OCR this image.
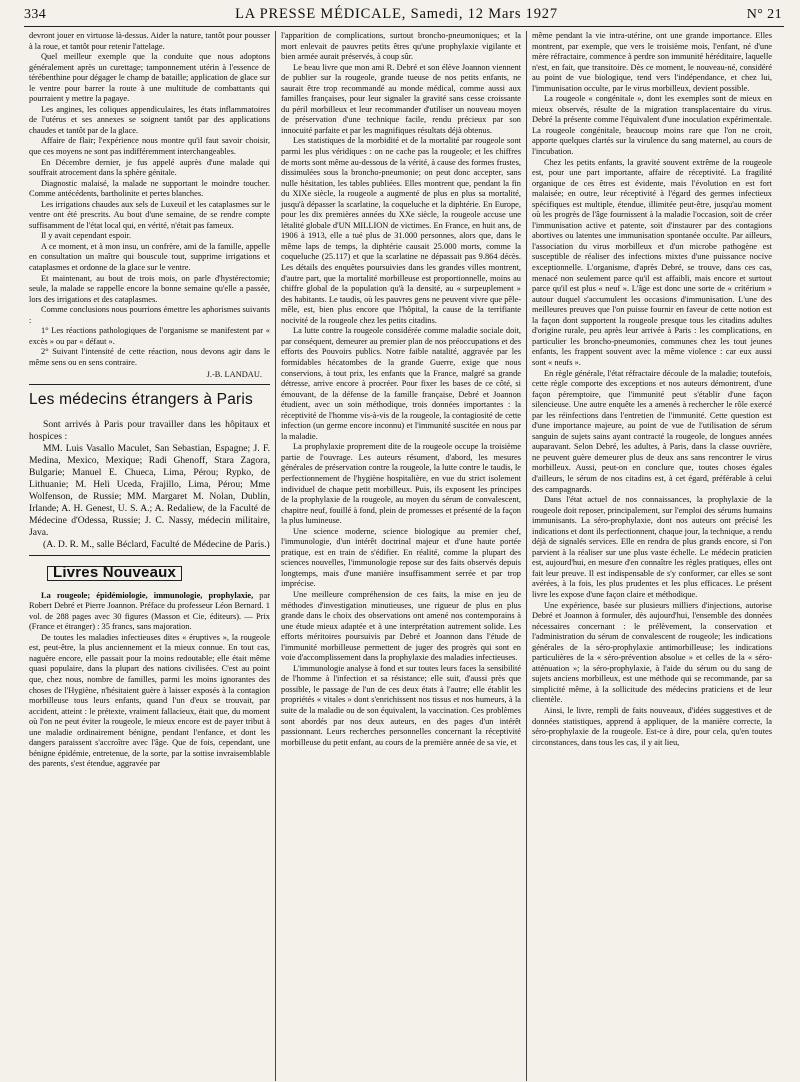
334	LA PRESSE MÉDICALE, Samedi, 12 Mars 1927	N° 21

devront jouer en virtuose là-dessus. Aider la nature, tantôt pour pousser à la roue, et tantôt pour retenir l'attelage.

Quel meilleur exemple que la conduite que nous adoptons généralement après un curettage; tamponnement utérin à l'essence de térébenthine pour dégager le champ de bataille; application de glace sur le ventre pour barrer la route à une multitude de combattants qui pourraient y mettre la pagaye.

Les angines, les coliques appendiculaires, les états inflammatoires de l'utérus et ses annexes se soignent tantôt par des applications chaudes et tantôt par de la glace.

Affaire de flair; l'expérience nous montre qu'il faut savoir choisir, que ces moyens ne sont pas indifféremment interchangeables.

En Décembre dernier, je fus appelé auprès d'une malade qui souffrait atrocement dans la sphère génitale.

Diagnostic malaisé, la malade ne supportant le moindre toucher. Comme antécédents, bartholinite et pertes blanches.

Les irrigations chaudes aux sels de Luxeuil et les cataplasmes sur le ventre ont été prescrits. Au bout d'une semaine, de se rendre compte suffisamment de l'état local qui, en vérité, n'était pas fameux.

Il y avait cependant espoir.

A ce moment, et à mon insu, un confrère, ami de la famille, appelle en consultation un maître qui bouscule tout, supprime irrigations et cataplasmes et ordonne de la glace sur le ventre.

Et maintenant, au bout de trois mois, on parle d'hystérectomie; seule, la malade se rappelle encore la bonne semaine qu'elle a passée, lors des irrigations et des cataplasmes.

Comme conclusions nous pourrions émettre les aphorismes suivants :

1° Les réactions pathologiques de l'organisme se manifestent par « excès » ou par « défaut ».

2° Suivant l'intensité de cette réaction, nous devons agir dans le même sens ou en sens contraire.

J.-B. LANDAU.
Les médecins étrangers à Paris

Sont arrivés à Paris pour travailler dans les hôpitaux et hospices :

MM. Luis Vasallo Maculet, San Sebastian, Espagne; J. F. Medina, Mexico, Mexique; Radi Ghenoff, Stara Zagora, Bulgarie; Manuel E. Chueca, Lima, Pérou; Rypko, de Lithuanie; M. Heli Uceda, Frajillo, Lima, Pérou; Mme Wolfenson, de Russie; MM. Margaret M. Nolan, Dublin, Irlande; A. H. Genest, U. S. A.; A. Redaliew, de la Faculté de Médecine d'Odessa, Russie; J. C. Nassy, médecin militaire, Java.

(A. D. R. M., salle Béclard, Faculté de Médecine de Paris.)

Livres Nouveaux

La rougeole; épidémiologie, immunologie, prophylaxie, par Robert Debré et Pierre Joannon. Préface du professeur Léon Bernard. 1 vol. de 288 pages avec 30 figures (Masson et Cie, éditeurs). — Prix (France et étranger) : 35 francs, sans majoration.

De toutes les maladies infectieuses dites « éruptives », la rougeole est, peut-être, la plus anciennement et la mieux connue. En tout cas, naguère encore, elle passait pour la moins redoutable; elle était même quasi populaire, dans la plupart des nations civilisées. C'est au point que, chez nous, nombre de familles, parmi les moins ignorantes des choses de l'Hygiène, n'hésitaient guère à laisser exposés à la contagion morbilleuse tous leurs enfants, quand l'un d'eux se trouvait, par accident, atteint : le prétexte, vraiment fallacieux, était que, du moment où l'on ne peut éviter la rougeole, le mieux encore est de payer tribut à une maladie ordinairement bénigne, pendant l'enfance, et dont les dangers paraissent s'accroître avec l'âge. Que de fois, cependant, une bénigne épidémie, entretenue, de la sorte, par la sottise invraisemblable des parents, s'est étendue, aggravée par

l'apparition de complications, surtout broncho-pneumoniques; et la mort enlevait de pauvres petits êtres qu'une prophylaxie vigilante et bien armée aurait préservés, à coup sûr.

Le beau livre que mon ami R. Debré et son élève Joannon viennent de publier sur la rougeole, grande tueuse de nos petits enfants, ne saurait être trop recommandé au monde médical, comme aussi aux familles françaises, pour leur signaler la gravité sans cesse croissante du péril morbilleux et leur recommander d'utiliser un nouveau moyen de préservation d'une technique facile, rendu précieux par son innocuité parfaite et par les magnifiques résultats déjà obtenus.

Les statistiques de la morbidité et de la mortalité par rougeole sont parmi les plus véridiques : on ne cache pas la rougeole; et les chiffres de morts sont même au-dessous de la vérité, à cause des formes frustes, dissimulées sous la broncho-pneumonie; on peut donc accepter, sans nulle hésitation, les tables publiées. Elles montrent que, pendant la fin du XIXe siècle, la rougeole a augmenté de plus en plus sa mortalité, jusqu'à dépasser la scarlatine, la coqueluche et la diphtérie. En Europe, pour les dix premières années du XXe siècle, la rougeole accuse une létalité globale d'UN MILLION de victimes. En France, en huit ans, de 1906 à 1913, elle a tué plus de 31.000 personnes, alors que, dans le même laps de temps, la diphtérie causait 25.000 morts, comme la coqueluche (25.117) et que la scarlatine ne dépassait pas 9.864 décès. Les détails des enquêtes poursuivies dans les grandes villes montrent, d'autre part, que la mortalité morbilleuse est proportionnelle, moins au chiffre global de la population qu'à la densité, au « surpeuplement » des habitants. Le taudis, où les pauvres gens ne peuvent vivre que pêle-mêle, est, bien plus encore que l'hôpital, la cause de la terrifiante nocivité de la rougeole chez les petits citadins.

La lutte contre la rougeole considérée comme maladie sociale doit, par conséquent, demeurer au premier plan de nos préoccupations et des efforts des Pouvoirs publics. Notre faible natalité, aggravée par les formidables hécatombes de la grande Guerre, exige que nous conservions, à tout prix, les enfants que la France, malgré sa grande détresse, arrive encore à procréer. Pour fixer les bases de ce côté, si émouvant, de la défense de la famille française, Debré et Joannon étudient, avec un soin méthodique, trois données importantes : la réceptivité de l'homme vis-à-vis de la rougeole, la contagiosité de cette infection (un germe encore inconnu) et l'immunité suscitée en nous par la maladie.

La prophylaxie proprement dite de la rougeole occupe la troisième partie de l'ouvrage. Les auteurs résument, d'abord, les mesures générales de préservation contre la rougeole, la lutte contre le taudis, le perfectionnement de l'hygiène hospitalière, en vue du strict isolement individuel de chaque petit morbilleux. Puis, ils exposent les principes de la prophylaxie de la rougeole, au moyen du sérum de convalescent, chapitre neuf, fouillé à fond, plein de promesses et présenté de la façon la plus lumineuse.

Une science moderne, science biologique au premier chef, l'immunologie, d'un intérêt doctrinal majeur et d'une haute portée pratique, est en train de s'édifier. En réalité, comme la plupart des sciences nouvelles, l'immunologie repose sur des faits observés depuis longtemps, mais d'une manière insuffisamment serrée et par trop imprécise.

Une meilleure compréhension de ces faits, la mise en jeu de méthodes d'investigation minutieuses, une rigueur de plus en plus grande dans le choix des observations ont amené nos contemporains à une étude mieux adaptée et à une interprétation autrement solide. Les efforts méritoires poursuivis par Debré et Joannon dans l'étude de l'immunité morbilleuse permettent de juger des progrès qui sont en voie d'accomplissement dans la prophylaxie des maladies infectieuses.

L'immunologie analyse à fond et sur toutes leurs faces la sensibilité de l'homme à l'infection et sa résistance; elle suit, d'aussi près que possible, le passage de l'un de ces deux états à l'autre; elle établit les propriétés « vitales » dont s'enrichissent nos tissus et nos humeurs, à la suite de la maladie ou de son équivalent, la vaccination. Ces problèmes sont abordés par nos deux auteurs, en des pages d'un intérêt passionnant. Leurs recherches personnelles concernant la réceptivité morbilleuse du petit enfant, au cours de la première année de sa vie, et

même pendant la vie intra-utérine, ont une grande importance. Elles montrent, par exemple, que vers le troisième mois, l'enfant, né d'une mère réfractaire, commence à perdre son immunité héréditaire, laquelle n'est, en fait, que transitoire. Dès ce moment, le nouveau-né, considéré au point de vue biologique, tend vers l'indépendance, et chez lui, l'immunisation occulte, par le virus morbilleux, devient possible.

La rougeole « congénitale », dont les exemples sont de mieux en mieux observés, résulte de la migration transplacentaire du virus. Debré la présente comme l'équivalent d'une inoculation expérimentale. La rougeole congénitale, beaucoup moins rare que l'on ne croit, apporte quelques clartés sur la virulence du sang maternel, au cours de l'incubation.

Chez les petits enfants, la gravité souvent extrême de la rougeole est, pour une part importante, affaire de réceptivité. La fragilité organique de ces êtres est évidente, mais l'évolution en est fort malaisée; en outre, leur réceptivité à l'égard des germes infectieux spécifiques est multiple, étendue, illimitée peut-être, jusqu'au moment où les progrès de l'âge fournissent à la maladie l'occasion, soit de créer l'immunisation active et patente, soit d'instaurer par des contagions abortives ou latentes une immunisation spontanée occulte. Par ailleurs, l'association du virus morbilleux et d'un microbe pathogène est susceptible de réaliser des infections mixtes d'une puissance nocive exceptionnelle. L'organisme, d'après Debré, se trouve, dans ces cas, menacé non seulement parce qu'il est affaibli, mais encore et surtout parce qu'il est plus « neuf ». L'âge est donc une sorte de « critérium » autour duquel s'accumulent les occasions d'immunisation. L'une des meilleures preuves que l'on puisse fournir en faveur de cette notion est la façon dont supportent la rougeole presque tous les citadins adultes d'origine rurale, peu après leur arrivée à Paris : les complications, en particulier les broncho-pneumonies, communes chez les tout jeunes enfants, les frappent souvent avec la même violence : car eux aussi sont « neufs ».

En règle générale, l'état réfractaire découle de la maladie; toutefois, cette règle comporte des exceptions et nos auteurs démontrent, d'une façon péremptoire, que l'immunité peut s'établir d'une façon silencieuse. Une autre enquête les a amenés à rechercher le rôle exercé par les réinfections dans l'entretien de l'immunité. Cette question est d'une importance majeure, au point de vue de l'utilisation de sérum sanguin de sujets sains ayant contracté la rougeole, de longues années auparavant. Selon Debré, les adultes, à Paris, dans la classe ouvrière, ne peuvent guère demeurer plus de deux ans sans rencontrer le virus morbilleux. Aussi, peut-on en conclure que, toutes choses égales d'ailleurs, le sérum de nos citadins est, à cet égard, préférable à celui des campagnards.

Dans l'état actuel de nos connaissances, la prophylaxie de la rougeole doit reposer, principalement, sur l'emploi des sérums humains immunisants. La séro-prophylaxie, dont nos auteurs ont précisé les indications et dont ils perfectionnent, chaque jour, la technique, a rendu déjà de signalés services. Elle en rendra de plus grands encore, si l'on parvient à la réaliser sur une plus vaste échelle. Le médecin praticien est, aujourd'hui, en mesure d'en connaître les règles pratiques, elles ont fait leur preuve. Il est indispensable de s'y conformer, car elles se sont avérées, à la fois, les plus prudentes et les plus efficaces. Le présent livre les expose d'une façon claire et méthodique.

Une expérience, basée sur plusieurs milliers d'injections, autorise Debré et Joannon à formuler, dès aujourd'hui, l'ensemble des données nécessaires concernant : le prélèvement, la conservation et l'administration du sérum de convalescent de rougeole; les indications générales de la séro-prophylaxie antimorbilleuse; les indications particulières de la « séro-prévention absolue » et celles de la « séro-atténuation »; la séro-prophylaxie, à l'aide du sérum ou du sang de sujets anciens morbilleux, est une méthode qui se recommande, par sa simplicité même, à la sollicitude des médecins praticiens et de leur clientèle.

Ainsi, le livre, rempli de faits nouveaux, d'idées suggestives et de données statistiques, apprend à appliquer, de la manière correcte, la séro-prophylaxie de la rougeole. Est-ce à dire, pour cela, qu'en toutes circonstances, dans tous les cas, il y ait lieu,
